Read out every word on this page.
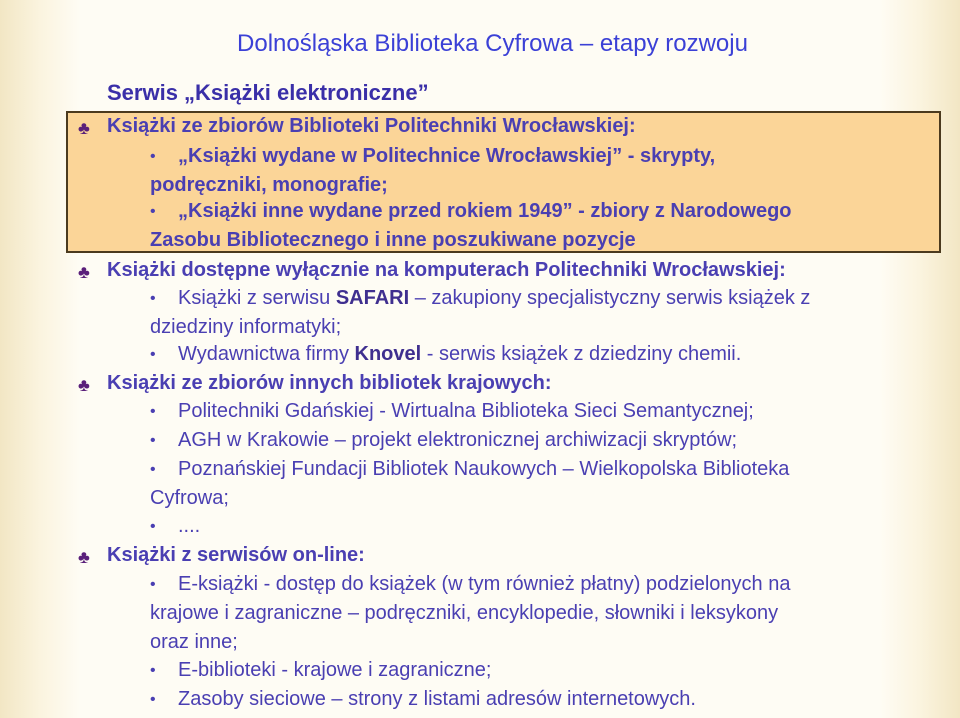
Dolnośląska Biblioteka Cyfrowa – etapy rozwoju
Serwis „Książki elektroniczne”
♣ Książki ze zbiorów Biblioteki Politechniki Wrocławskiej:
• „Książki wydane w Politechnice Wrocławskiej” - skrypty,
podręczniki, monografie;
• „Książki inne wydane przed rokiem 1949” - zbiory z Narodowego
Zasobu Bibliotecznego i inne poszukiwane pozycje
♣ Książki dostępne wyłącznie na komputerach Politechniki Wrocławskiej:
• Książki z serwisu SAFARI – zakupiony specjalistyczny serwis książek z
dziedziny informatyki;
• Wydawnictwa firmy Knovel - serwis książek z dziedziny chemii.
♣ Książki ze zbiorów innych bibliotek krajowych:
• Politechniki Gdańskiej - Wirtualna Biblioteka Sieci Semantycznej;
• AGH w Krakowie – projekt elektronicznej archiwizacji skryptów;
• Poznańskiej Fundacji Bibliotek Naukowych – Wielkopolska Biblioteka
Cyfrowa;
• ....
♣ Książki z serwisów on-line:
• E-książki - dostęp do książek (w tym również płatny) podzielonych na
krajowe i zagraniczne – podręczniki, encyklopedie, słowniki i leksykony
oraz inne;
• E-biblioteki - krajowe i zagraniczne;
• Zasoby sieciowe – strony z listami adresów internetowych.
